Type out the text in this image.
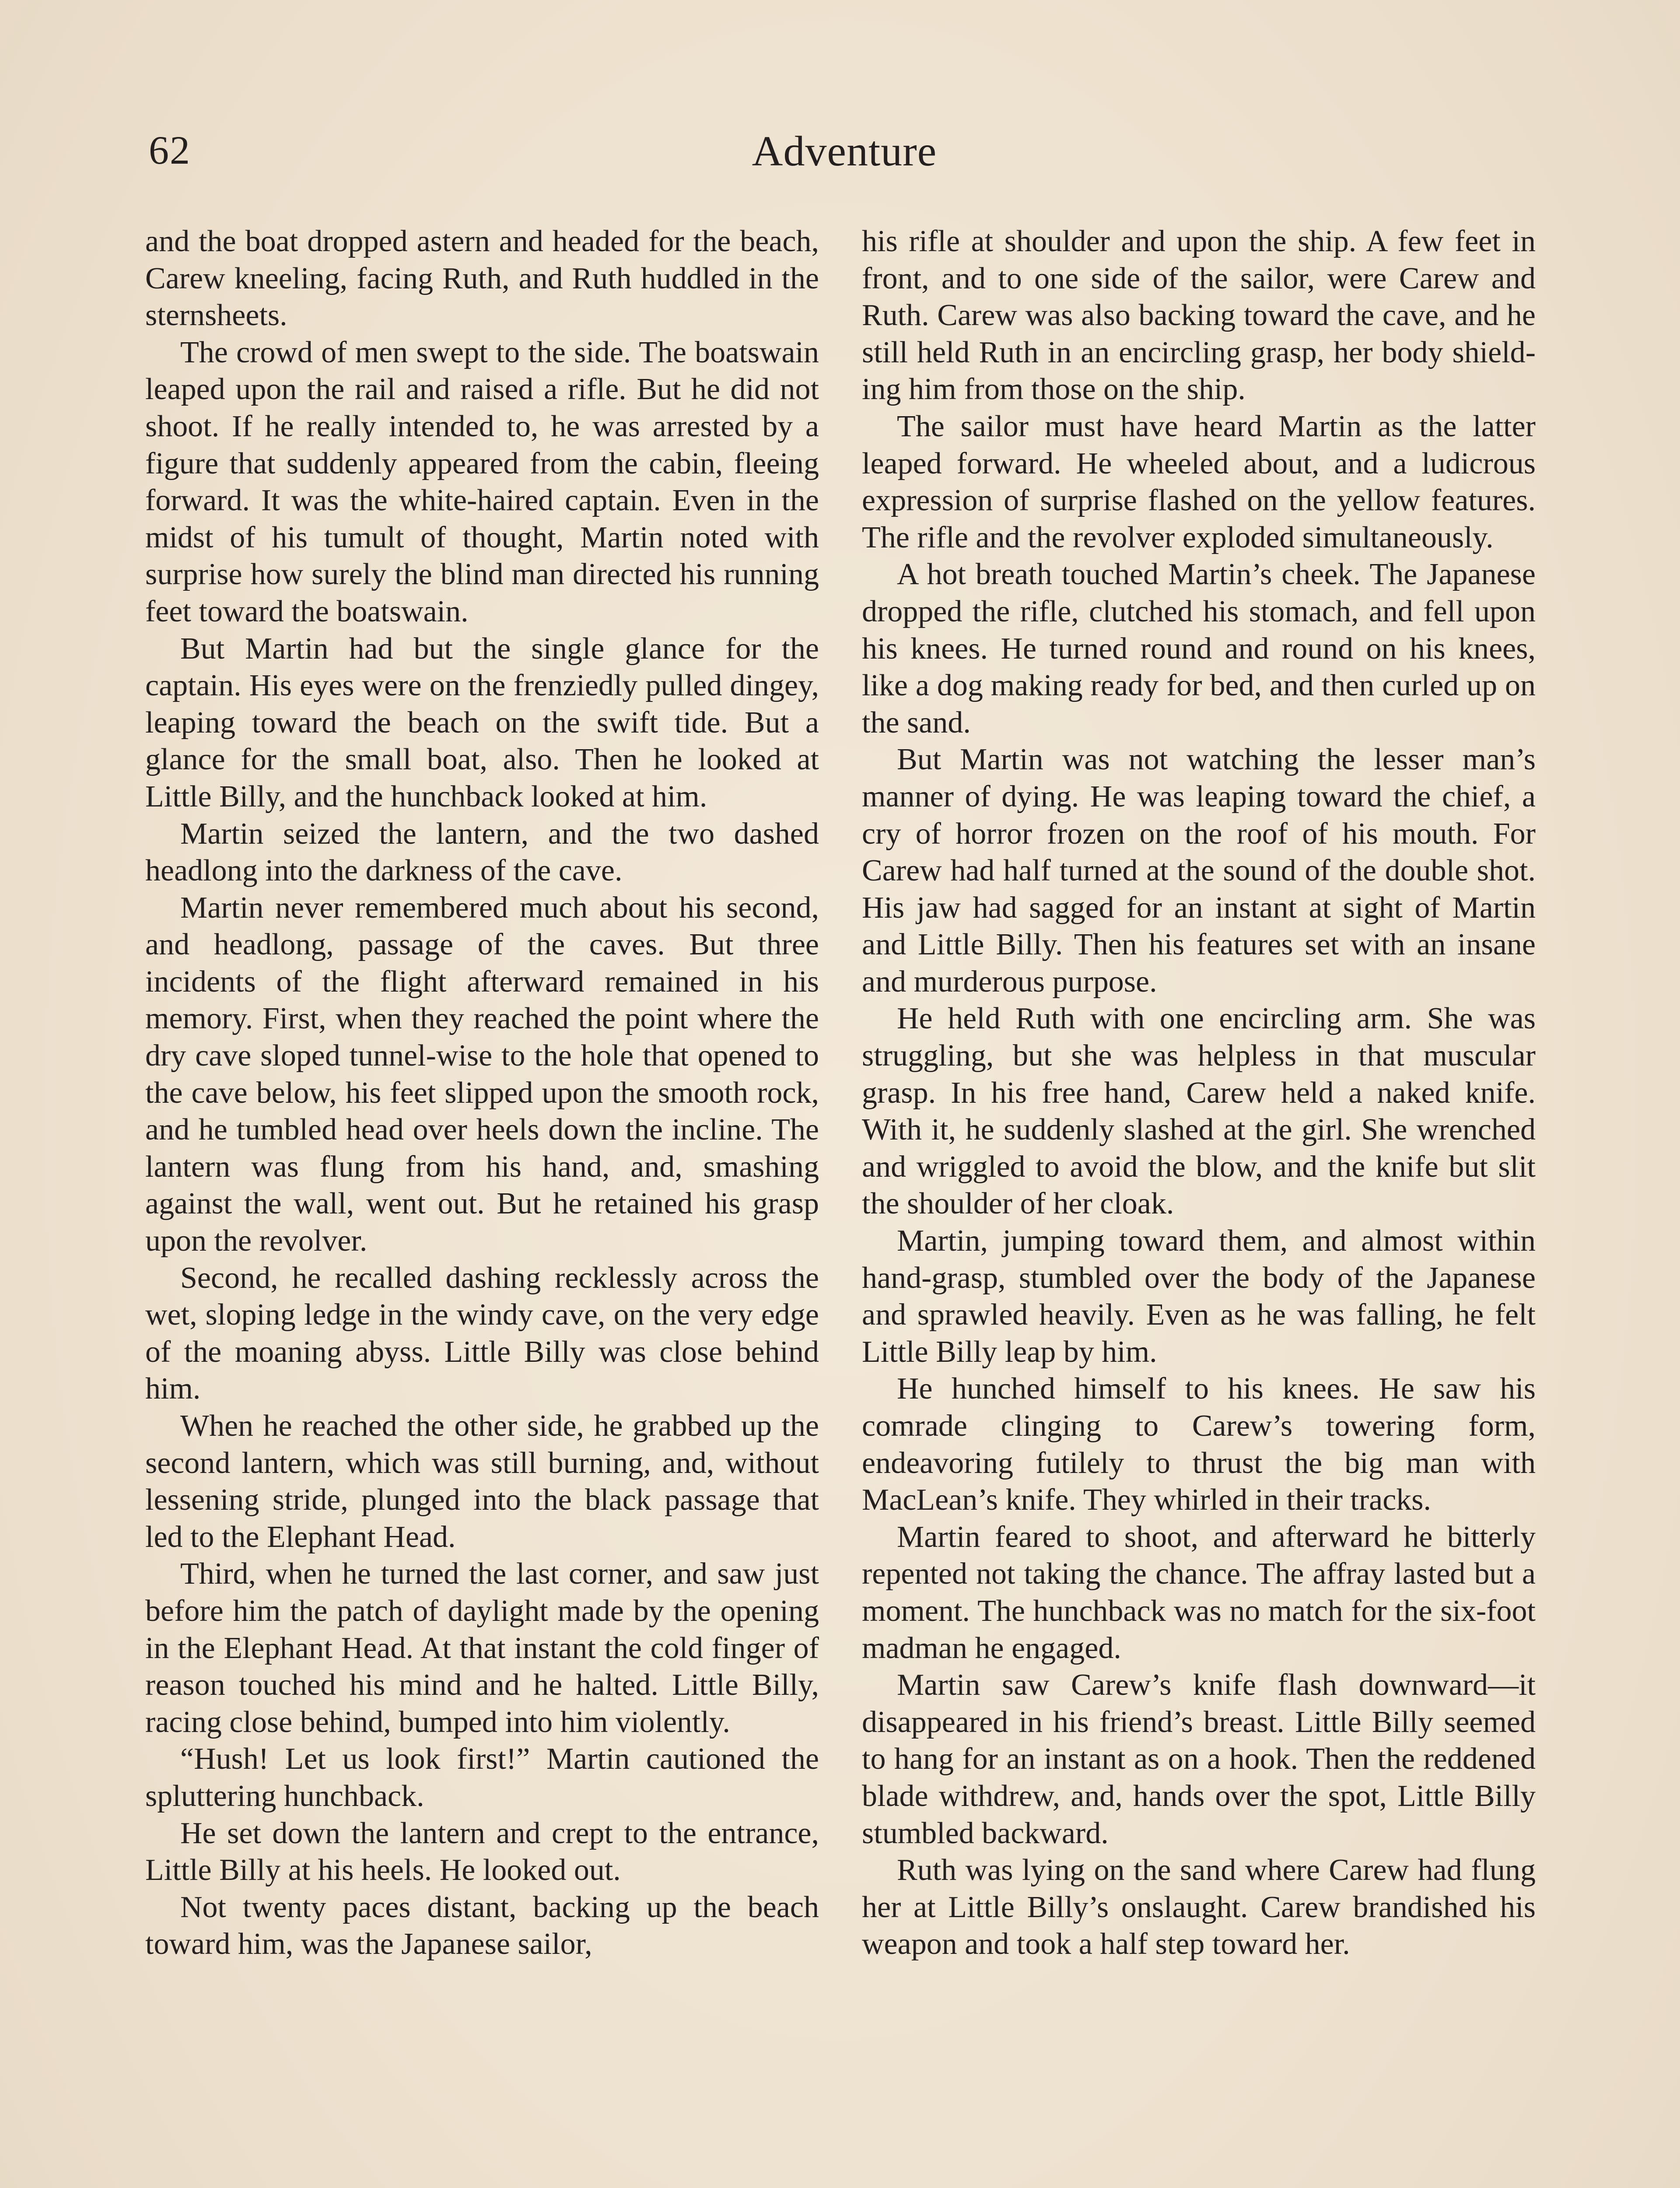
62	Adventure

and the boat dropped astern and headed for the beach, Carew kneeling, facing Ruth, and Ruth huddled in the sternsheets.

The crowd of men swept to the side. The boatswain leaped upon the rail and raised a rifle. But he did not shoot. If he really intended to, he was arrested by a figure that suddenly appeared from the cabin, fleeing forward. It was the white-haired captain. Even in the midst of his tumult of thought, Martin noted with surprise how surely the blind man directed his running feet toward the boatswain.

But Martin had but the single glance for the captain. His eyes were on the frenziedly pulled dingey, leaping toward the beach on the swift tide. But a glance for the small boat, also. Then he looked at Little Billy, and the hunchback looked at him.

Martin seized the lantern, and the two dashed headlong into the darkness of the cave.

Martin never remembered much about his second, and headlong, passage of the caves. But three incidents of the flight afterward remained in his memory. First, when they reached the point where the dry cave sloped tunnel-wise to the hole that opened to the cave below, his feet slipped upon the smooth rock, and he tumbled head over heels down the incline. The lantern was flung from his hand, and, smashing against the wall, went out. But he retained his grasp upon the revolver.

Second, he recalled dashing recklessly across the wet, sloping ledge in the windy cave, on the very edge of the moaning abyss. Little Billy was close behind him.

When he reached the other side, he grabbed up the second lantern, which was still burning, and, without lessening stride, plunged into the black passage that led to the Elephant Head.

Third, when he turned the last corner, and saw just before him the patch of daylight made by the opening in the Elephant Head. At that instant the cold finger of reason touched his mind and he halted. Little Billy, racing close behind, bumped into him violently.

“Hush! Let us look first!” Martin cautioned the spluttering hunchback.

He set down the lantern and crept to the entrance, Little Billy at his heels. He looked out.

Not twenty paces distant, backing up the beach toward him, was the Japanese sailor,

his rifle at shoulder and upon the ship. A few feet in front, and to one side of the sailor, were Carew and Ruth. Carew was also backing toward the cave, and he still held Ruth in an encircling grasp, her body shielding him from those on the ship.

The sailor must have heard Martin as the latter leaped forward. He wheeled about, and a ludicrous expression of surprise flashed on the yellow features. The rifle and the revolver exploded simultaneously.

A hot breath touched Martin’s cheek. The Japanese dropped the rifle, clutched his stomach, and fell upon his knees. He turned round and round on his knees, like a dog making ready for bed, and then curled up on the sand.

But Martin was not watching the lesser man’s manner of dying. He was leaping toward the chief, a cry of horror frozen on the roof of his mouth. For Carew had half turned at the sound of the double shot. His jaw had sagged for an instant at sight of Martin and Little Billy. Then his features set with an insane and murderous purpose.

He held Ruth with one encircling arm. She was struggling, but she was helpless in that muscular grasp. In his free hand, Carew held a naked knife. With it, he suddenly slashed at the girl. She wrenched and wriggled to avoid the blow, and the knife but slit the shoulder of her cloak.

Martin, jumping toward them, and almost within hand-grasp, stumbled over the body of the Japanese and sprawled heavily. Even as he was falling, he felt Little Billy leap by him.

He hunched himself to his knees. He saw his comrade clinging to Carew’s towering form, endeavoring futilely to thrust the big man with MacLean’s knife. They whirled in their tracks.

Martin feared to shoot, and afterward he bitterly repented not taking the chance. The affray lasted but a moment. The hunchback was no match for the six-foot madman he engaged.

Martin saw Carew’s knife flash downward—it disappeared in his friend’s breast. Little Billy seemed to hang for an instant as on a hook. Then the reddened blade withdrew, and, hands over the spot, Little Billy stumbled backward.

Ruth was lying on the sand where Carew had flung her at Little Billy’s onslaught. Carew brandished his weapon and took a half step toward her.
